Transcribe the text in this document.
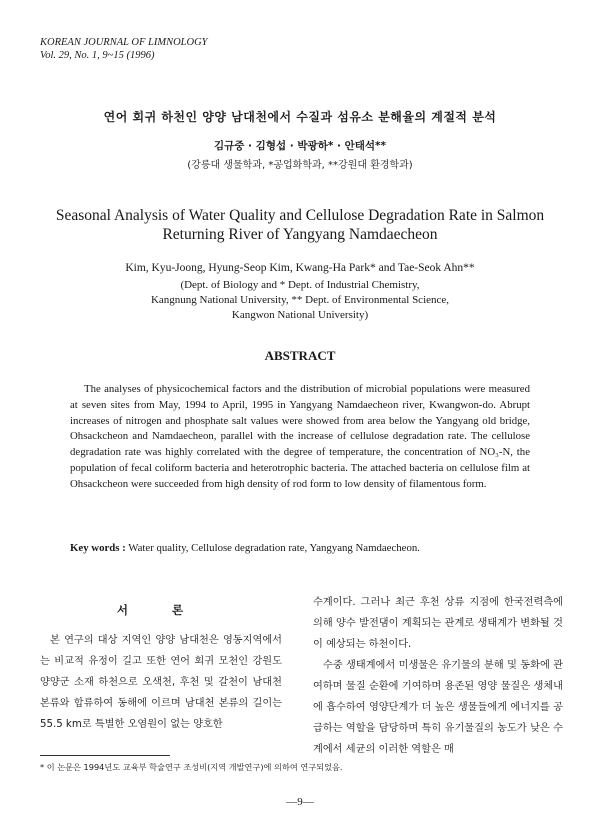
KOREAN JOURNAL OF LIMNOLOGY
Vol. 29, No. 1, 9~15 (1996)
연어 회귀 하천인 양양 남대천에서 수질과 섬유소 분해율의 계절적 분석
김규중 · 김형섭 · 박광하* · 안태석**
(강릉대 생물학과, *공업화학과, **강원대 환경학과)
Seasonal Analysis of Water Quality and Cellulose Degradation Rate in Salmon
Returning River of Yangyang Namdaecheon
Kim, Kyu-Joong, Hyung-Seop Kim, Kwang-Ha Park* and Tae-Seok Ahn**
(Dept. of Biology and * Dept. of Industrial Chemistry,
Kangnung National University, ** Dept. of Environmental Science,
Kangwon National University)
ABSTRACT

The analyses of physicochemical factors and the distribution of microbial populations were measured at seven sites from May, 1994 to April, 1995 in Yangyang Namdaecheon river, Kwangwon-do. Abrupt increases of nitrogen and phosphate salt values were showed from area below the Yangyang old bridge, Ohsackcheon and Namdaecheon, parallel with the increase of cellulose degradation rate. The cellulose degradation rate was highly correlated with the degree of temperature, the concentration of NO₃-N, the population of fecal coliform bacteria and heterotrophic bacteria. The attached bacteria on cellulose film at Ohsackcheon were succeeded from high density of rod form to low density of filamentous form.

Key words : Water quality, Cellulose degradation rate, Yangyang Namdaecheon.
서 론

본 연구의 대상 지역인 양양 남대천은 영동지역에서는 비교적 유정이 길고 또한 연어 회귀 모천인 강원도 양양군 소재 하천으로 오색천, 후천 및 갈천이 남대천 본류와 합류하여 동해에 이르며 남대천 본류의 길이는 55.5 km로 특별한 오염원이 없는 양호한

수계이다. 그러나 최근 후천 상류 지점에 한국전력측에 의해 양수 발전댐이 계획되는 관계로 생태계가 변화될 것이 예상되는 하천이다.

수중 생태계에서 미생물은 유기물의 분해 및 동화에 관여하며 물질 순환에 기여하며 용존된 영양 물질은 생체내에 흡수하여 영양단계가 더 높은 생물들에게 에너지를 공급하는 역할을 담당하며 특히 유기물질의 농도가 낮은 수계에서 세균의 이러한 역할은 매

* 이 논문은 1994년도 교육부 학술연구 조성비(지역 개발연구)에 의하여 연구되었음.
—9—
